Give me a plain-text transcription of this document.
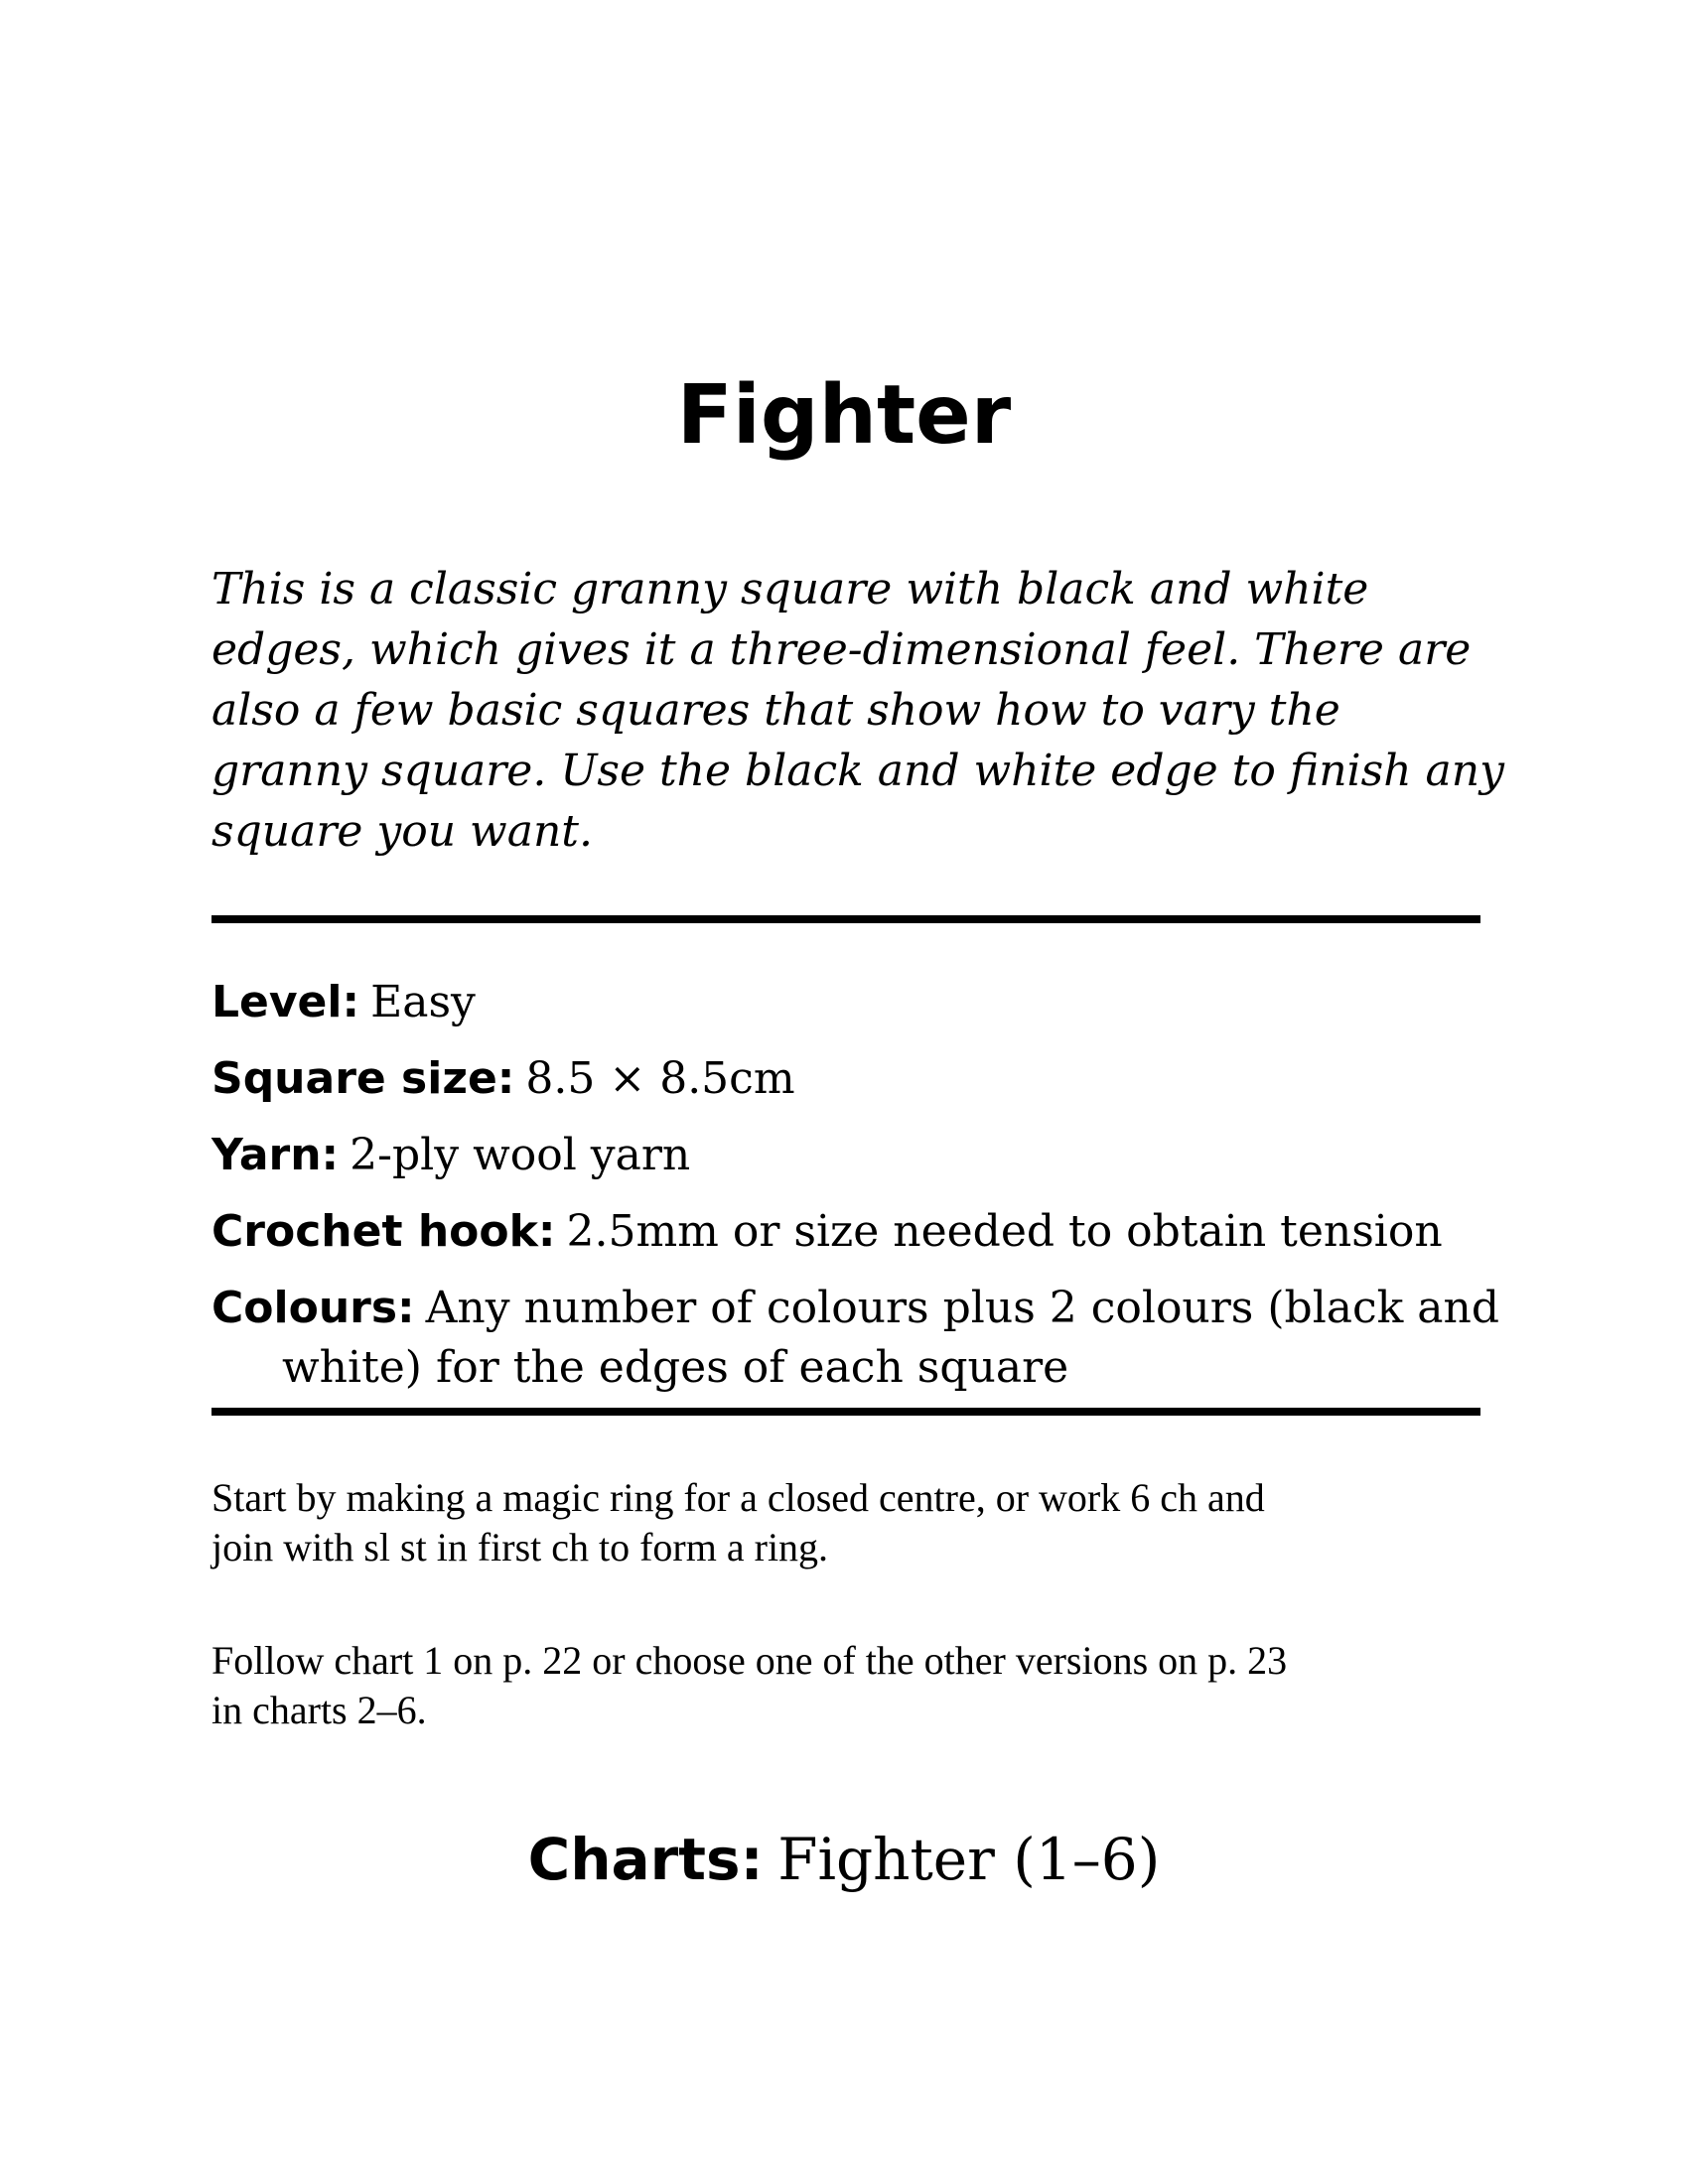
Fighter

This is a classic granny square with black and white
edges, which gives it a three-dimensional feel. There are
also a few basic squares that show how to vary the
granny square. Use the black and white edge to finish any
square you want.

Level: Easy
Square size: 8.5 × 8.5cm
Yarn: 2-ply wool yarn
Crochet hook: 2.5mm or size needed to obtain tension
Colours: Any number of colours plus 2 colours (black and white) for the edges of each square

Start by making a magic ring for a closed centre, or work 6 ch and
join with sl st in first ch to form a ring.

Follow chart 1 on p. 22 or choose one of the other versions on p. 23
in charts 2–6.

Charts: Fighter (1–6)
